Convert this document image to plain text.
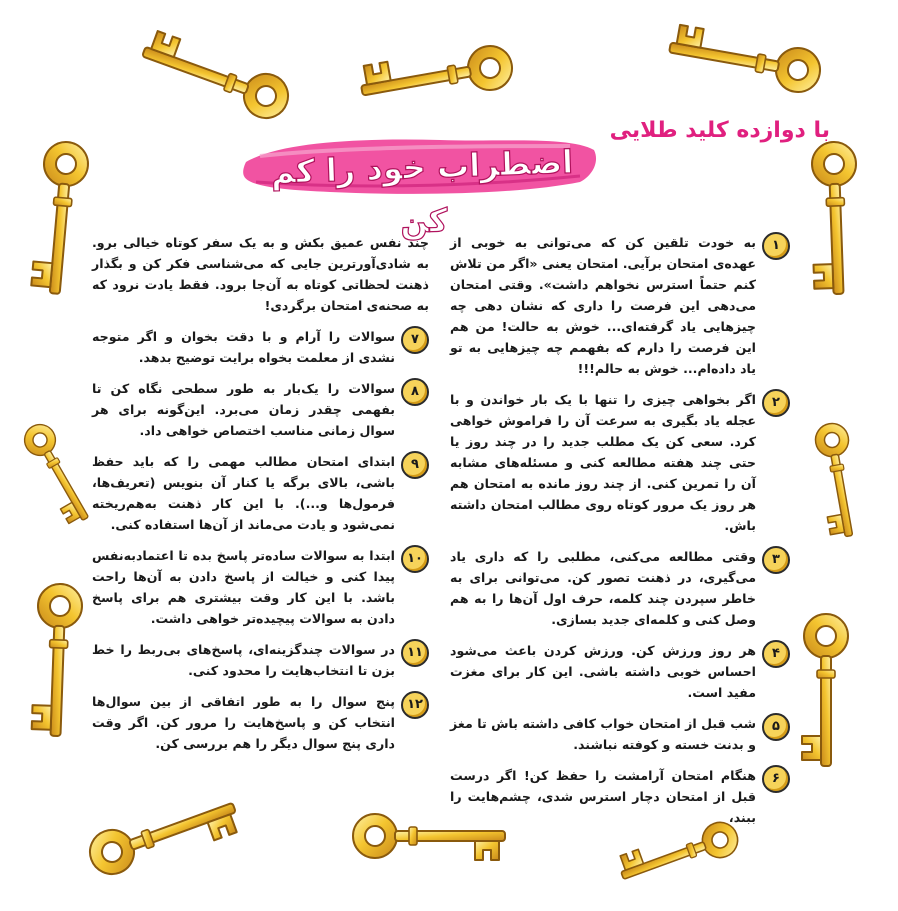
با دوازده کلید طلایی
اضطراب خود را کم کن
۱
به خودت تلقین کن که می‌توانی به خوبی از عهده‌ی امتحان برآیی. امتحان یعنی «اگر من تلاش کنم حتماً استرس نخواهم داشت». وقتی امتحان می‌دهی این فرصت را داری که نشان دهی چه چیزهایی یاد گرفته‌ای... خوش به حالت! من هم این فرصت را دارم که بفهمم چه چیزهایی به تو یاد داده‌ام... خوش به حالم!!!
۲
اگر بخواهی چیزی را تنها با یک بار خواندن و با عجله یاد بگیری به سرعت آن را فراموش خواهی کرد. سعی کن یک مطلب جدید را در چند روز یا حتی چند هفته مطالعه کنی و مسئله‌های مشابه آن را تمرین کنی. از چند روز مانده به امتحان هم هر روز یک مرور کوتاه روی مطالب امتحان داشته باش.
۳
وقتی مطالعه می‌کنی، مطلبی را که داری یاد می‌گیری، در ذهنت تصور کن. می‌توانی برای به خاطر سپردن چند کلمه، حرف اول آن‌ها را به هم وصل کنی و کلمه‌ای جدید بسازی.
۴
هر روز ورزش کن. ورزش کردن باعث می‌شود احساس خوبی داشته باشی. این کار برای مغزت مفید است.
۵
شب قبل از امتحان خواب کافی داشته باش تا مغز و بدنت خسته و کوفته نباشند.
۶
هنگام امتحان آرامشت را حفظ کن! اگر درست قبل از امتحان دچار استرس شدی، چشم‌هایت را ببند،
چند نفس عمیق بکش و به یک سفر کوتاه خیالی برو. به شادی‌آورترین جایی که می‌شناسی فکر کن و بگذار ذهنت لحظاتی کوتاه به آن‌جا برود. فقط یادت نرود که به صحنه‌ی امتحان برگردی!
۷
سوالات را آرام و با دقت بخوان و اگر متوجه نشدی از معلمت بخواه برایت توضیح بدهد.
۸
سوالات را یک‌بار به طور سطحی نگاه کن تا بفهمی چقدر زمان می‌برد. این‌گونه برای هر سوال زمانی مناسب اختصاص خواهی داد.
۹
ابتدای امتحان مطالب مهمی را که باید حفظ باشی، بالای برگه یا کنار آن بنویس (تعریف‌ها، فرمول‌ها و...). با این کار ذهنت به‌هم‌ریخته نمی‌شود و یادت می‌ماند از آن‌ها استفاده کنی.
۱۰
ابتدا به سوالات ساده‌تر پاسخ بده تا اعتمادبه‌نفس پیدا کنی و خیالت از پاسخ دادن به آن‌ها راحت باشد. با این کار وقت بیشتری هم برای پاسخ دادن به سوالات پیچیده‌تر خواهی داشت.
۱۱
در سوالات چندگزینه‌ای، پاسخ‌های بی‌ربط را خط بزن تا انتخاب‌هایت را محدود کنی.
۱۲
پنج سوال را به طور اتفاقی از بین سوال‌ها انتخاب کن و پاسخ‌هایت را مرور کن. اگر وقت داری پنج سوال دیگر را هم بررسی کن.
